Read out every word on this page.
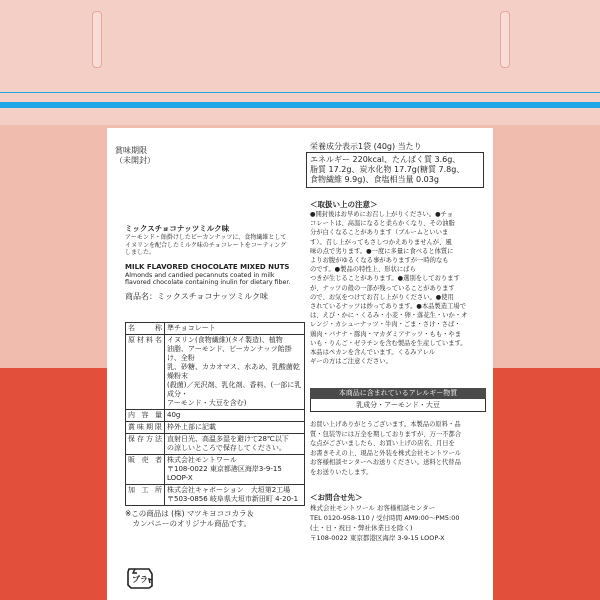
賞味期限
（未開封）
ミックスチョコナッツミルク味
アーモンド・飴掛けしたピーカンナッツに、食物繊維として
イヌリンを配合したミルク味のチョコレートをコーティング
しました。
MILK FLAVORED CHOCOLATE MIXED NUTS
Almonds and candied pecannuts coated in milk
flavored chocolate containing inulin for dietary fiber.
商品名：ミックスチョコナッツミルク味
名　　称	準チョコレート

原材料名	イヌリン(食物繊維)(タイ製造)、植物
油脂、アーモンド、ピーカンナッツ飴掛け、全粉
乳、砂糖、カカオマス、水あめ、乳酸菌乾燥粉末
(殺菌)／光沢剤、乳化剤、香料、(一部に乳成分・
アーモンド・大豆を含む)

内 容 量	40g

賞味期限	枠外上部に記載

保存方法	直射日光、高温多湿を避けて28℃以下
の涼しいところで保存してください。

販 売 者	株式会社モントワール
〒108-0022 東京都港区海岸3-9-15 LOOP-X

加 工 所	株式会社キャボーション　大垣第2工場
〒503-0856 岐阜県大垣市新田町 4-20-1
※この商品は (株) マツキヨココカラ＆
　カンパニーのオリジナル商品です。
プラ
栄養成分表示1袋 (40g) 当たり
エネルギー 220kcal、たんぱく質 3.6g、
脂質 17.2g、炭水化物 17.7g(糖質 7.8g、
食物繊維 9.9g)、食塩相当量 0.03g
＜取扱い上の注意＞
●開封後はお早めにお召し上がりください。●チョ
コレートは、高温になると柔らかくなり、その油脂
分が白くなることがあります（ブルームといいま
す）。召し上がってもさしつかえありませんが、風
味の点で劣ります。●一度に多量に食べると体質に
よりお腹がゆるくなる事がありますが一時的なも
のです。●製品の特性上、形状にばら
つきが生じることがあります。●選別をしております
が、ナッツの殻の一部が残っていることがあります
ので、お気をつけてお召し上がりください。●使用
されているナッツは炒ってあります。●本品製造工場で
は、えび・かに・くるみ・小麦・卵・落花生・いか・オ
レンジ・カシューナッツ・牛肉・ごま・さけ・さば・
鶏肉・バナナ・豚肉・マカダミアナッツ・もも・やま
いも・りんご・ゼラチンを含む製品を生産しています。
本品はペカンを含んでいます。くるみアレル
ギーの方はご注意ください。
本商品に含まれているアレルギー物質
乳成分・アーモンド・大豆
お買い上げありがとうございます。本製品の原料・品
質・包装等には万全を期しておりますが、万一不都合
な点がございましたら、お買い上げの店名、月日を
お書きそえの上、現品と外装を株式会社モントワール
お客様相談センターへお送りください。送料と代替品
をお送りいたします。
＜お問合せ先＞
株式会社モントワール お客様相談センター
TEL 0120-958-110 / 受付時間 AM9:00〜PM5:00
(土・日・祝日・弊社休業日を除く)
〒108-0022 東京都港区海岸 3-9-15 LOOP-X
